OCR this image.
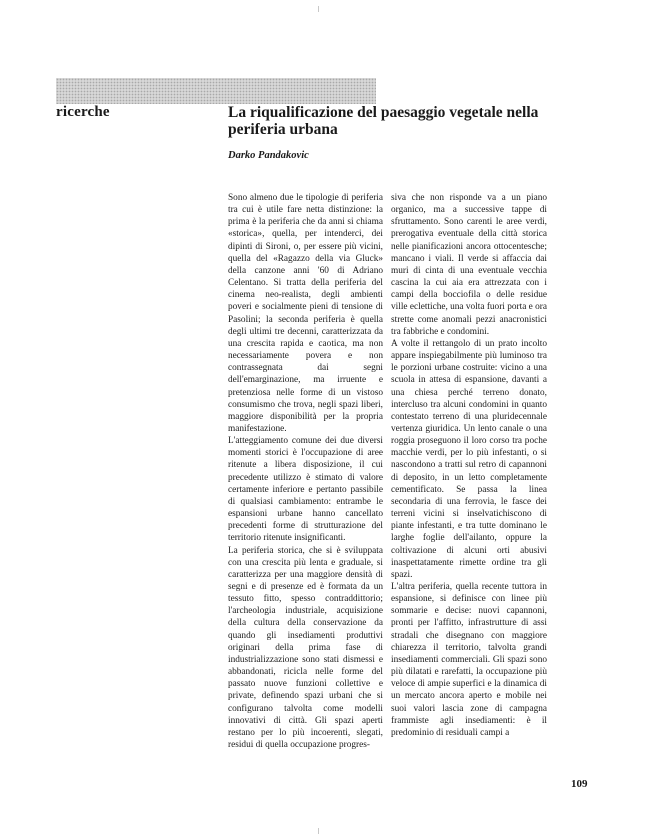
ricerche	La riqualificazione del paesaggio vegetale nella periferia urbana
Darko Pandakovic

Sono almeno due le tipologie di periferia tra cui è utile fare netta distinzione: la prima è la periferia che da anni si chiama «storica», quella, per intenderci, dei dipinti di Sironi, o, per essere più vicini, quella del «Ragazzo della via Gluck» della canzone anni '60 di Adriano Celentano. Si tratta della periferia del cinema neo-realista, degli ambienti poveri e socialmente pieni di tensione di Pasolini; la seconda periferia è quella degli ultimi tre decenni, caratterizzata da una crescita rapida e caotica, ma non necessariamente povera e non contrassegnata dai segni dell'emarginazione, ma irruente e pretenziosa nelle forme di un vistoso consumismo che trova, negli spazi liberi, maggiore disponibilità per la propria manifestazione.

L'atteggiamento comune dei due diversi momenti storici è l'occupazione di aree ritenute a libera disposizione, il cui precedente utilizzo è stimato di valore certamente inferiore e pertanto passibile di qualsiasi cambiamento: entrambe le espansioni urbane hanno cancellato precedenti forme di strutturazione del territorio ritenute insignificanti.

La periferia storica, che si è sviluppata con una crescita più lenta e graduale, si caratterizza per una maggiore densità di segni e di presenze ed è formata da un tessuto fitto, spesso contraddittorio; l'archeologia industriale, acquisizione della cultura della conservazione da quando gli insediamenti produttivi originari della prima fase di industrializzazione sono stati dismessi e abbandonati, ricicla nelle forme del passato nuove funzioni collettive e private, definendo spazi urbani che si configurano talvolta come modelli innovativi di città. Gli spazi aperti restano per lo più incoerenti, slegati, residui di quella occupazione progres-

siva che non risponde va a un piano organico, ma a successive tappe di sfruttamento. Sono carenti le aree verdi, prerogativa eventuale della città storica nelle pianificazioni ancora ottocentesche; mancano i viali. Il verde si affaccia dai muri di cinta di una eventuale vecchia cascina la cui aia era attrezzata con i campi della bocciofila o delle residue ville eclettiche, una volta fuori porta e ora strette come anomali pezzi anacronistici tra fabbriche e condomini.

A volte il rettangolo di un prato incolto appare inspiegabilmente più luminoso tra le porzioni urbane costruite: vicino a una scuola in attesa di espansione, davanti a una chiesa perché terreno donato, intercluso tra alcuni condomini in quanto contestato terreno di una pluridecennale vertenza giuridica. Un lento canale o una roggia proseguono il loro corso tra poche macchie verdi, per lo più infestanti, o si nascondono a tratti sul retro di capannoni di deposito, in un letto completamente cementificato. Se passa la linea secondaria di una ferrovia, le fasce dei terreni vicini si inselvatichiscono di piante infestanti, e tra tutte dominano le larghe foglie dell'ailanto, oppure la coltivazione di alcuni orti abusivi inaspettatamente rimette ordine tra gli spazi.

L'altra periferia, quella recente tuttora in espansione, si definisce con linee più sommarie e decise: nuovi capannoni, pronti per l'affitto, infrastrutture di assi stradali che disegnano con maggiore chiarezza il territorio, talvolta grandi insediamenti commerciali. Gli spazi sono più dilatati e rarefatti, la occupazione più veloce di ampie superfici e la dinamica di un mercato ancora aperto e mobile nei suoi valori lascia zone di campagna frammiste agli insediamenti: è il predominio di residuali campi a

109
